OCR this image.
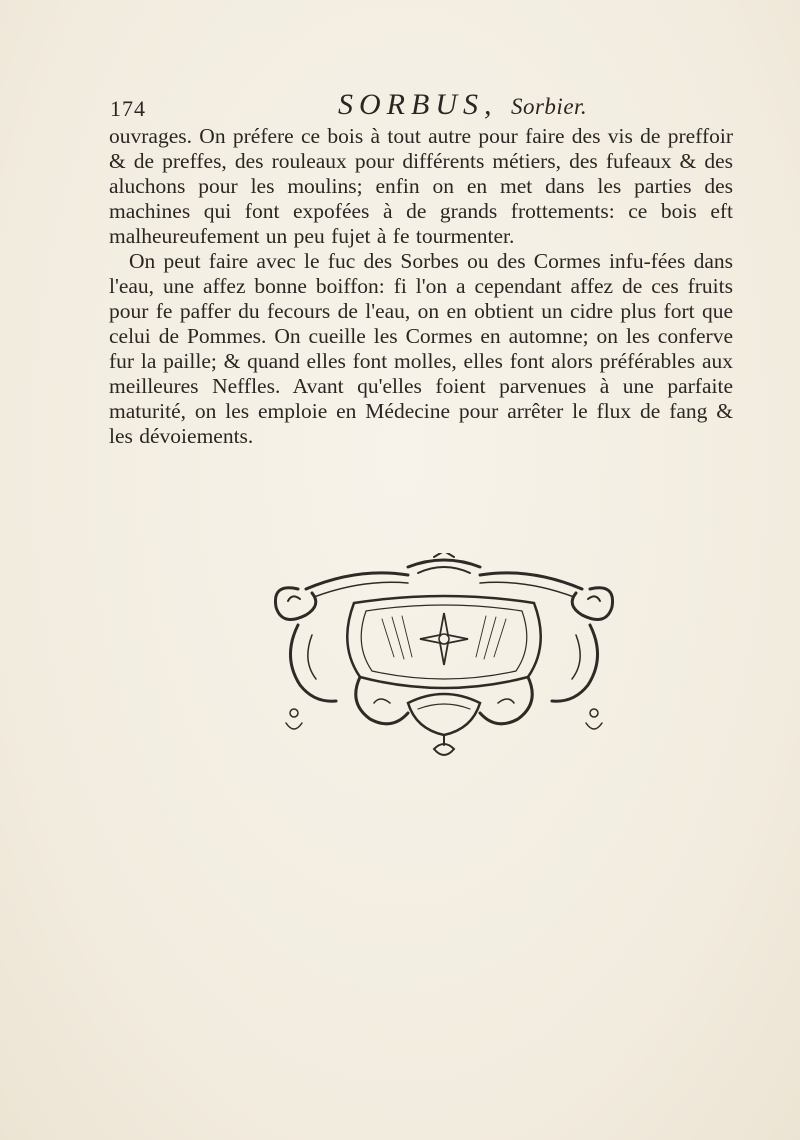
174	SORBUS, Sorbier.

ouvrages. On préfere ce bois à tout autre pour faire des vis de preffoir & de preffes, des rouleaux pour différents métiers, des fufeaux & des aluchons pour les moulins; enfin on en met dans les parties des machines qui font expofées à de grands frottements: ce bois eft malheureufement un peu fujet à fe tourmenter.

On peut faire avec le fuc des Sorbes ou des Cormes infu-fées dans l'eau, une affez bonne boiffon: fi l'on a cependant affez de ces fruits pour fe paffer du fecours de l'eau, on en obtient un cidre plus fort que celui de Pommes. On cueille les Cormes en automne; on les conferve fur la paille; & quand elles font molles, elles font alors préférables aux meilleures Neffles. Avant qu'elles foient parvenues à une parfaite maturité, on les emploie en Médecine pour arrêter le flux de fang & les dévoiements.
